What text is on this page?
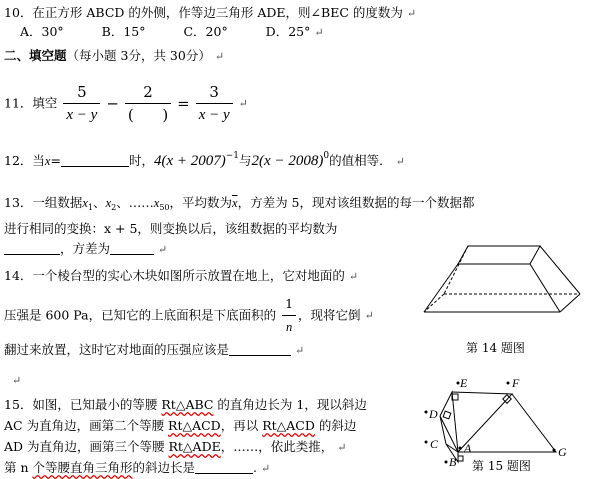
10．在正方形 ABCD 的外侧，作等边三角形 ADE，则∠BEC 的度数为 ↵
A．30°	B．15°	C．20°	D．25° ↵
二、填空题（每小题 3分，共 30分） ↵
11．填空 $\frac{5}{x - y} - \frac{2}{( )} = \frac{3}{x - y}$ ↵
12．当x=	时，$4(x + 2007)^{-1}$与$2(x - 2008)^0$的值相等． ↵
13．一组数据$x_1$、$x_2$、$\dots\dots x_{50}$，平均数为$\overline{x}$，方差为 5，现对该组数据的每一个数据都
进行相同的变换：x + 5，则变换以后，该组数据的平均数为
，方差为	↵
14．一个棱台型的实心木块如图所示放置在地上，它对地面的 ↵
压强是 600 Pa，已知它的上底面积是下底面积的 $\frac{1}{n}$ ，现将它倒 ↵
翻过来放置，这时它对地面的压强应该是	↵	第 14 题图
↵
15．如图，已知最小的等腰 Rt△ABC 的直角边长为 1，现以斜边
AC 为直角边，画第二个等腰 Rt△ACD，再以 Rt△ACD 的斜边
AD 为直角边，画第三个等腰 Rt△ADE，……，依此类推， ↵
第 n 个等腰直角三角形的斜边长是	. ↵
E	F
D
C A
B
G
第 15 题图
